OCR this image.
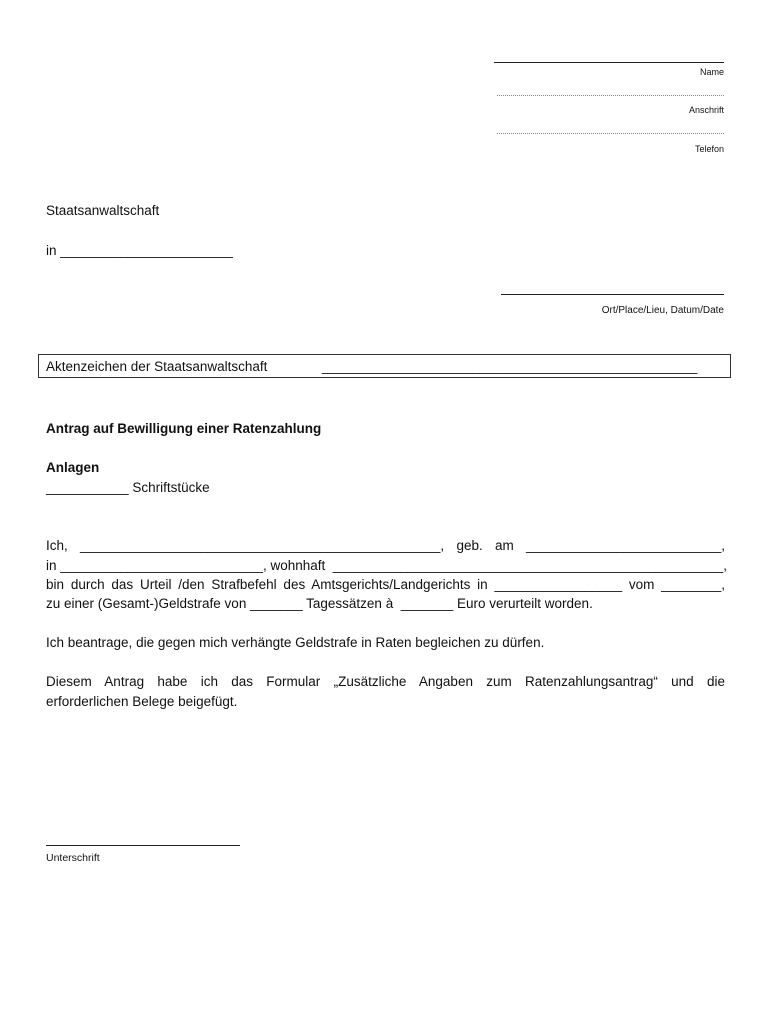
Name
Anschrift
Telefon
Staatsanwaltschaft
in _______________________
Ort/Place/Lieu, Datum/Date
Aktenzeichen der Staatsanwaltschaft	__________________________________________________
Antrag auf Bewilligung einer Ratenzahlung
Anlagen
___________ Schriftstücke
Ich, ________________________________________________, geb. am __________________________,
in ___________________________, wohnhaft  ____________________________________________________,
bin durch das Urteil /den Strafbefehl des Amtsgerichts/Landgerichts in _________________ vom ________,
zu einer (Gesamt-)Geldstrafe von _______ Tagessätzen à  _______ Euro verurteilt worden.
Ich beantrage, die gegen mich verhängte Geldstrafe in Raten begleichen zu dürfen.
Diesem Antrag habe ich das Formular „Zusätzliche Angaben zum Ratenzahlungsantrag“ und die
erforderlichen Belege beigefügt.
Unterschrift
